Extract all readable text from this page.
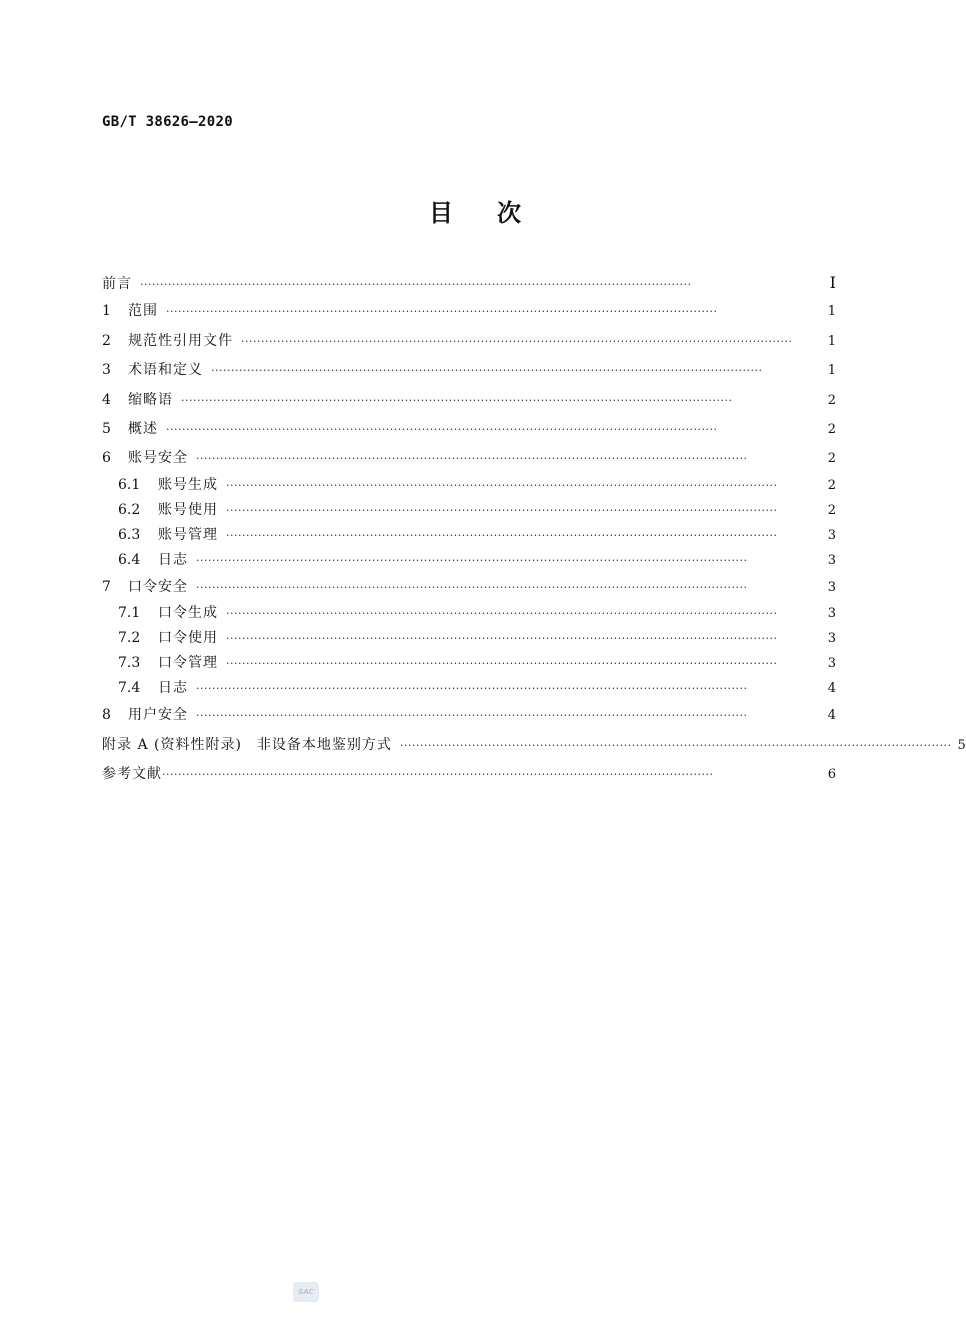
GB/T 38626—2020
目次
前言 ··········································································································································	I
1	范围 ··········································································································································	1
2	规范性引用文件 ··········································································································································	1
3	术语和定义 ··········································································································································	1
4	缩略语 ··········································································································································	2
5	概述 ··········································································································································	2
6	账号安全 ··········································································································································	2
6.1	账号生成 ··········································································································································	2
6.2	账号使用 ··········································································································································	2
6.3	账号管理 ··········································································································································	3
6.4	日志 ··········································································································································	3
7	口令安全 ··········································································································································	3
7.1	口令生成 ··········································································································································	3
7.2	口令使用 ··········································································································································	3
7.3	口令管理 ··········································································································································	3
7.4	日志 ··········································································································································	4
8	用户安全 ··········································································································································	4
附录 A (资料性附录)　非设备本地鉴别方式 ·········································································································································· 5
参考文献 ··········································································································································	6
SAC
